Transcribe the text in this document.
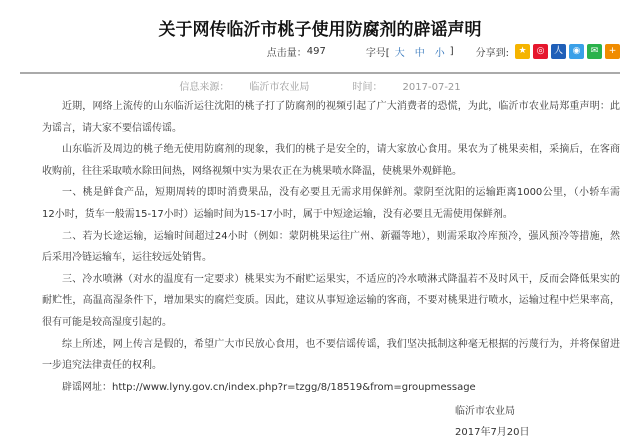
关于网传临沂市桃子使用防腐剂的辟谣声明
点击量： 497	字号[ 大 中 小 ] 分享到:	★	◎	人	◉	✉	+
信息来源： 临沂市农业局	时间： 2017-07-21
近期，网络上流传的山东临沂运往沈阳的桃子打了防腐剂的视频引起了广大消费者的恐慌，为此，临沂市农业局郑重声明：此
为谣言，请大家不要信谣传谣。
山东临沂及周边的桃子绝无使用防腐剂的现象，我们的桃子是安全的，请大家放心食用。果农为了桃果卖相，采摘后，在客商
收购前，往往采取喷水除田间热，网络视频中实为果农正在为桃果喷水降温，使桃果外观鲜艳。
一、桃是鲜食产品，短期周转的即时消费果品，没有必要且无需求用保鲜剂。蒙阴至沈阳的运输距离1000公里，（小轿车需
12小时，货车一般需15-17小时）运输时间为15-17小时，属于中短途运输，没有必要且无需使用保鲜剂。
二、若为长途运输，运输时间超过24小时（例如：蒙阴桃果运往广州、新疆等地），则需采取冷库预冷，强风预冷等措施，然
后采用冷链运输车，运往较远处销售。
三、冷水喷淋（对水的温度有一定要求）桃果实为不耐贮运果实，不适应的冷水喷淋式降温若不及时风干，反而会降低果实的
耐贮性，高温高湿条件下，增加果实的腐烂变质。因此，建议从事短途运输的客商，不要对桃果进行喷水，运输过程中烂果率高，
很有可能是较高湿度引起的。
综上所述，网上传言是假的，希望广大市民放心食用，也不要信谣传谣，我们坚决抵制这种毫无根据的污蔑行为，并将保留进
一步追究法律责任的权利。
辟谣网址：http://www.lyny.gov.cn/index.php?r=tzgg/8/18519&from=groupmessage
临沂市农业局
2017年7月20日
